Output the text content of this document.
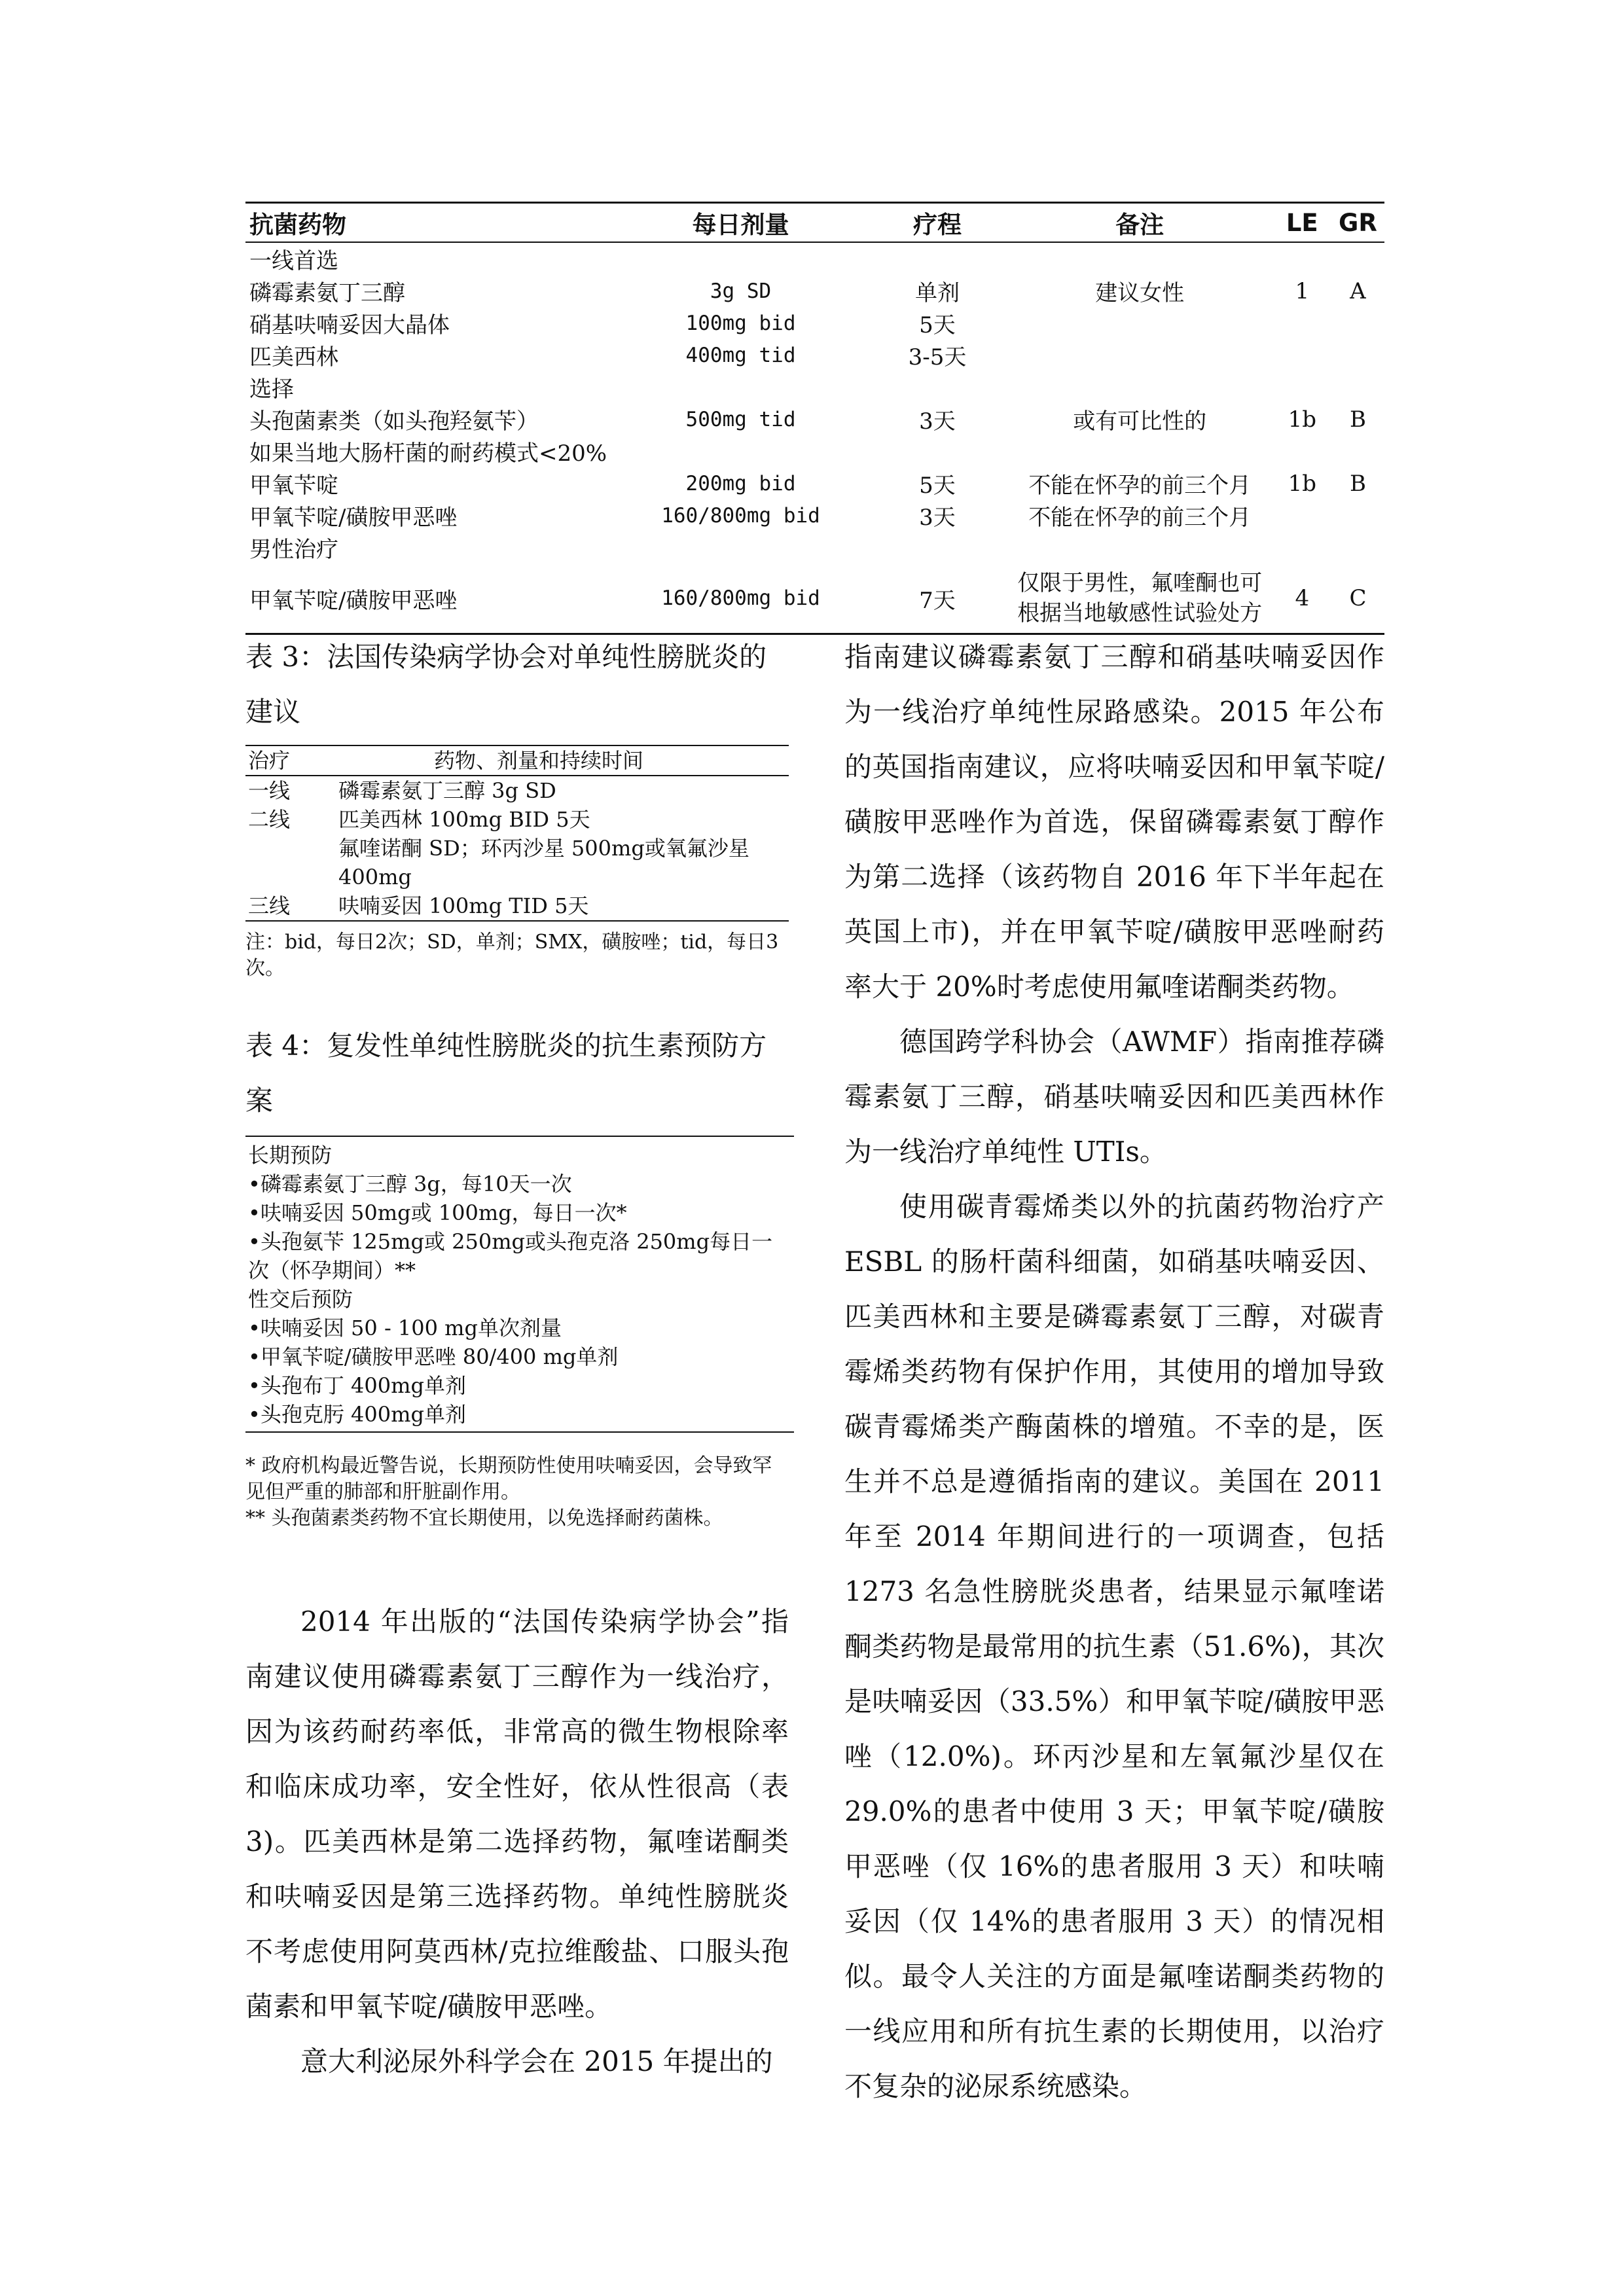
抗菌药物	每日剂量	疗程	备注	LE	GR
一线首选					
磷霉素氨丁三醇	3g SD	单剂	建议女性	1	A
硝基呋喃妥因大晶体	100mg bid	5天			
匹美西林	400mg tid	3-5天			
选择					
头孢菌素类（如头孢羟氨苄）	500mg tid	3天	或有可比性的	1b	B
如果当地大肠杆菌的耐药模式<20%					
甲氧苄啶	200mg bid	5天	不能在怀孕的前三个月	1b	B
甲氧苄啶/磺胺甲恶唑	160/800mg bid	3天	不能在怀孕的前三个月		
男性治疗					
甲氧苄啶/磺胺甲恶唑	160/800mg bid	7天	仅限于男性，氟喹酮也可根据当地敏感性试验处方	4	C
表 3：法国传染病学协会对单纯性膀胱炎的建议
治疗	药物、剂量和持续时间
一线	磷霉素氨丁三醇 3g SD
二线	匹美西林 100mg BID 5天
	氟喹诺酮 SD；环丙沙星 500mg或氧氟沙星 400mg
三线	呋喃妥因 100mg TID 5天
注：bid，每日2次；SD，单剂；SMX，磺胺唑；tid，每日3次。
表 4：复发性单纯性膀胱炎的抗生素预防方案
长期预防
•磷霉素氨丁三醇 3g，每10天一次
•呋喃妥因 50mg或 100mg，每日一次*
•头孢氨苄 125mg或 250mg或头孢克洛 250mg每日一次（怀孕期间）**
性交后预防
•呋喃妥因 50 - 100 mg单次剂量
•甲氧苄啶/磺胺甲恶唑 80/400 mg单剂
•头孢布丁 400mg单剂
•头孢克肟 400mg单剂
* 政府机构最近警告说，长期预防性使用呋喃妥因，会导致罕见但严重的肺部和肝脏副作用。
** 头孢菌素类药物不宜长期使用，以免选择耐药菌株。

2014 年出版的“法国传染病学协会”指南建议使用磷霉素氨丁三醇作为一线治疗，因为该药耐药率低，非常高的微生物根除率和临床成功率，安全性好，依从性很高（表 3)。匹美西林是第二选择药物，氟喹诺酮类和呋喃妥因是第三选择药物。单纯性膀胱炎不考虑使用阿莫西林/克拉维酸盐、口服头孢菌素和甲氧苄啶/磺胺甲恶唑。

意大利泌尿外科学会在 2015 年提出的

指南建议磷霉素氨丁三醇和硝基呋喃妥因作为一线治疗单纯性尿路感染。2015 年公布的英国指南建议，应将呋喃妥因和甲氧苄啶/磺胺甲恶唑作为首选，保留磷霉素氨丁醇作为第二选择（该药物自 2016 年下半年起在英国上市)，并在甲氧苄啶/磺胺甲恶唑耐药率大于 20%时考虑使用氟喹诺酮类药物。

德国跨学科协会（AWMF）指南推荐磷霉素氨丁三醇，硝基呋喃妥因和匹美西林作为一线治疗单纯性 UTIs。

使用碳青霉烯类以外的抗菌药物治疗产 ESBL 的肠杆菌科细菌，如硝基呋喃妥因、匹美西林和主要是磷霉素氨丁三醇，对碳青霉烯类药物有保护作用，其使用的增加导致碳青霉烯类产酶菌株的增殖。不幸的是，医生并不总是遵循指南的建议。美国在 2011 年至 2014 年期间进行的一项调查，包括 1273 名急性膀胱炎患者，结果显示氟喹诺酮类药物是最常用的抗生素（51.6%)，其次是呋喃妥因（33.5%）和甲氧苄啶/磺胺甲恶唑（12.0%)。环丙沙星和左氧氟沙星仅在 29.0%的患者中使用 3 天；甲氧苄啶/磺胺甲恶唑（仅 16%的患者服用 3 天）和呋喃妥因（仅 14%的患者服用 3 天）的情况相似。最令人关注的方面是氟喹诺酮类药物的一线应用和所有抗生素的长期使用，以治疗不复杂的泌尿系统感染。
